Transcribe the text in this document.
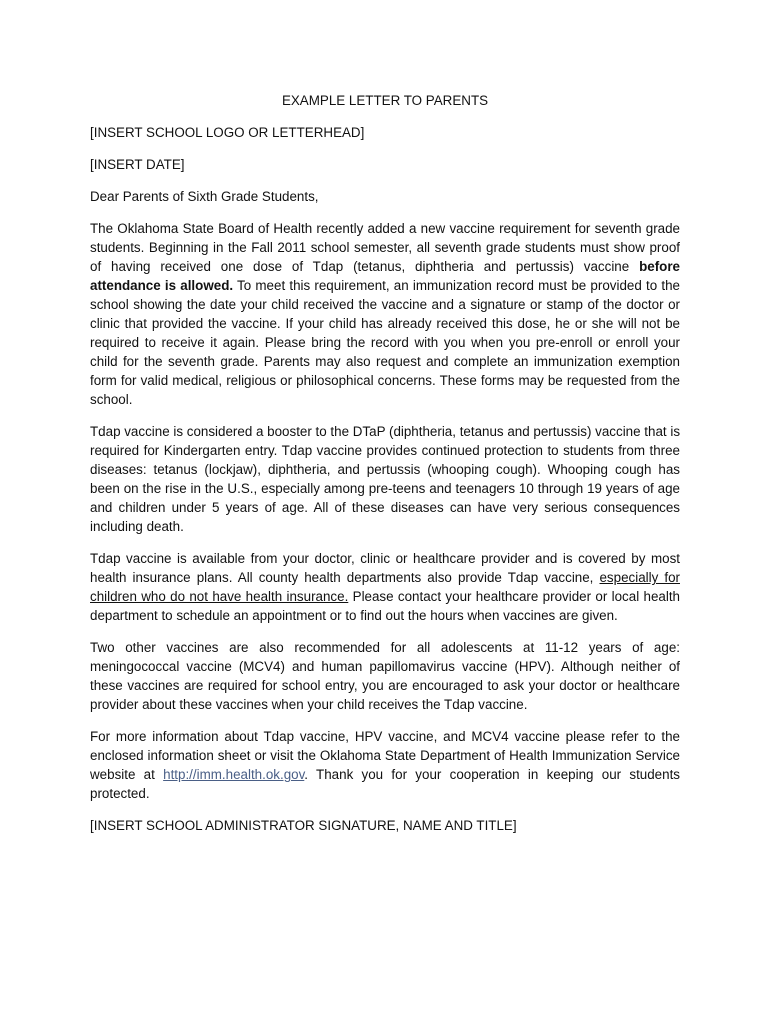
EXAMPLE LETTER TO PARENTS
[INSERT SCHOOL LOGO OR LETTERHEAD]
[INSERT DATE]
Dear Parents of Sixth Grade Students,
The Oklahoma State Board of Health recently added a new vaccine requirement for seventh grade students. Beginning in the Fall 2011 school semester, all seventh grade students must show proof of having received one dose of Tdap (tetanus, diphtheria and pertussis) vaccine before attendance is allowed. To meet this requirement, an immunization record must be provided to the school showing the date your child received the vaccine and a signature or stamp of the doctor or clinic that provided the vaccine. If your child has already received this dose, he or she will not be required to receive it again. Please bring the record with you when you pre-enroll or enroll your child for the seventh grade. Parents may also request and complete an immunization exemption form for valid medical, religious or philosophical concerns. These forms may be requested from the school.
Tdap vaccine is considered a booster to the DTaP (diphtheria, tetanus and pertussis) vaccine that is required for Kindergarten entry. Tdap vaccine provides continued protection to students from three diseases: tetanus (lockjaw), diphtheria, and pertussis (whooping cough). Whooping cough has been on the rise in the U.S., especially among pre-teens and teenagers 10 through 19 years of age and children under 5 years of age. All of these diseases can have very serious consequences including death.
Tdap vaccine is available from your doctor, clinic or healthcare provider and is covered by most health insurance plans. All county health departments also provide Tdap vaccine, especially for children who do not have health insurance. Please contact your healthcare provider or local health department to schedule an appointment or to find out the hours when vaccines are given.
Two other vaccines are also recommended for all adolescents at 11-12 years of age: meningococcal vaccine (MCV4) and human papillomavirus vaccine (HPV). Although neither of these vaccines are required for school entry, you are encouraged to ask your doctor or healthcare provider about these vaccines when your child receives the Tdap vaccine.
For more information about Tdap vaccine, HPV vaccine, and MCV4 vaccine please refer to the enclosed information sheet or visit the Oklahoma State Department of Health Immunization Service website at http://imm.health.ok.gov. Thank you for your cooperation in keeping our students protected.
[INSERT SCHOOL ADMINISTRATOR SIGNATURE, NAME AND TITLE]
